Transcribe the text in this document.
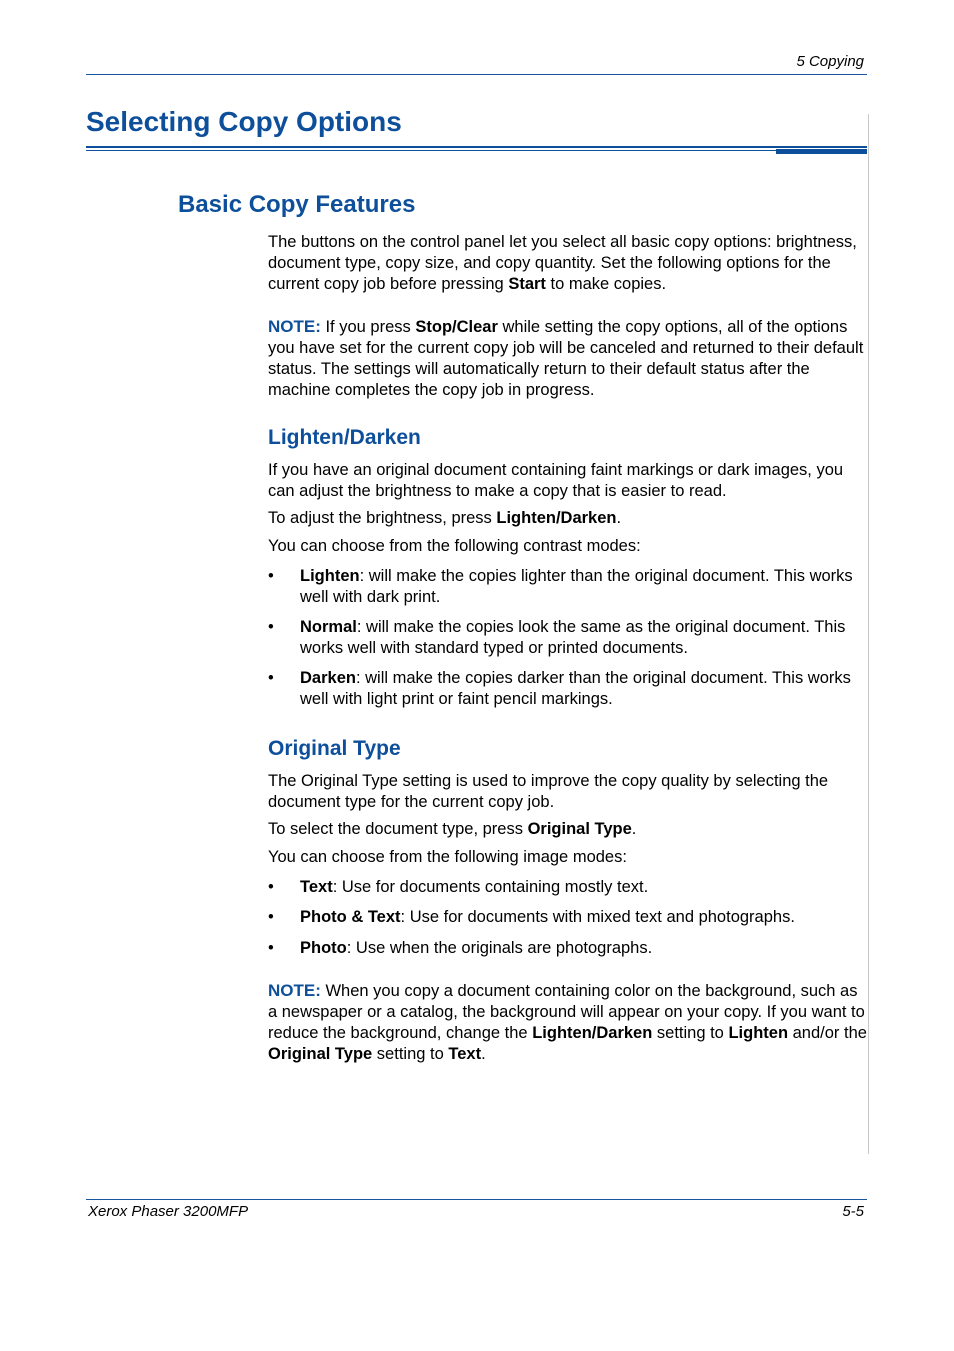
5 Copying
Selecting Copy Options
Basic Copy Features

The buttons on the control panel let you select all basic copy options: brightness, document type, copy size, and copy quantity. Set the following options for the current copy job before pressing Start to make copies.

NOTE: If you press Stop/Clear while setting the copy options, all of the options you have set for the current copy job will be canceled and returned to their default status. The settings will automatically return to their default status after the machine completes the copy job in progress.

Lighten/Darken

If you have an original document containing faint markings or dark images, you can adjust the brightness to make a copy that is easier to read.

To adjust the brightness, press Lighten/Darken.

You can choose from the following contrast modes:

• Lighten: will make the copies lighter than the original document. This works well with dark print.
• Normal: will make the copies look the same as the original document. This works well with standard typed or printed documents.
• Darken: will make the copies darker than the original document. This works well with light print or faint pencil markings.
Original Type

The Original Type setting is used to improve the copy quality by selecting the document type for the current copy job.

To select the document type, press Original Type.

You can choose from the following image modes:

• Text: Use for documents containing mostly text.
• Photo & Text: Use for documents with mixed text and photographs.
• Photo: Use when the originals are photographs.

NOTE: When you copy a document containing color on the background, such as a newspaper or a catalog, the background will appear on your copy. If you want to reduce the background, change the Lighten/Darken setting to Lighten and/or the Original Type setting to Text.

Xerox Phaser 3200MFP	5-5
